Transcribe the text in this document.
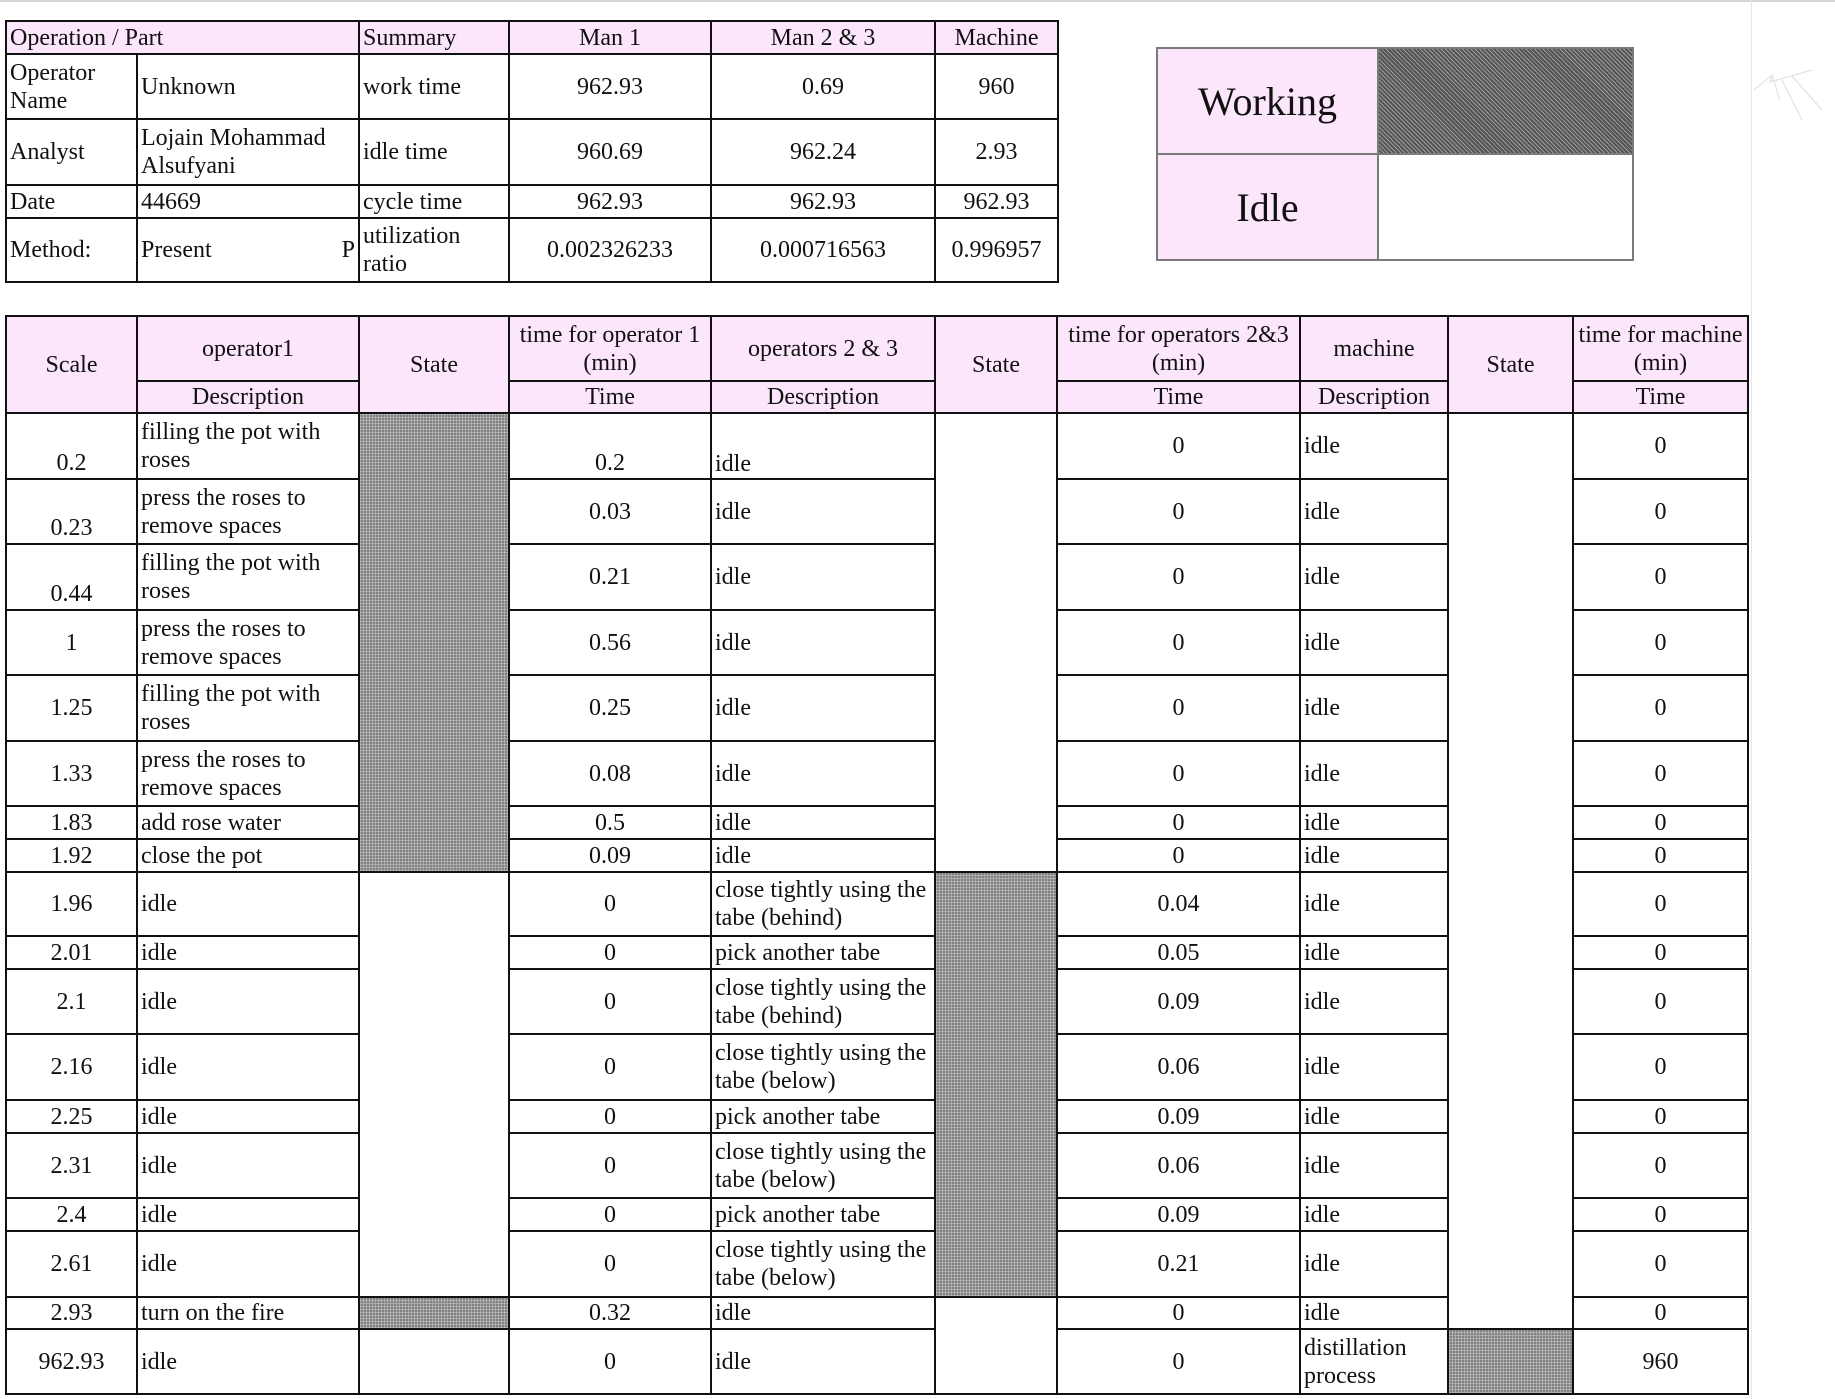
Operation / Part		Summary	Man 1	Man 2 & 3	Machine
Operator Name	Unknown	work time	962.93	0.69	960
Analyst	Lojain Mohammad Alsufyani	idle time	960.69	962.24	2.93
Date	44669	cycle time	962.93	962.93	962.93
Method:	Present P	utilization ratio	0.002326233	0.000716563	0.996957
Working
Idle
Scale	operator1	State	time for operator 1 (min)	operators 2 & 3	State	time for operators 2&3 (min)	machine	State	time for machine (min)
	Description		Time	Description		Time	Description		Time
0.2	filling the pot with roses		0.2	idle		0	idle		0
0.23	press the roses to remove spaces		0.03	idle		0	idle		0
0.44	filling the pot with roses		0.21	idle		0	idle		0
1	press the roses to remove spaces		0.56	idle		0	idle		0
1.25	filling the pot with roses		0.25	idle		0	idle		0
1.33	press the roses to remove spaces		0.08	idle		0	idle		0
1.83	add rose water		0.5	idle		0	idle		0
1.92	close the pot		0.09	idle		0	idle		0
1.96	idle		0	close tightly using the tabe (behind)		0.04	idle		0
2.01	idle		0	pick another tabe		0.05	idle		0
2.1	idle		0	close tightly using the tabe (behind)		0.09	idle		0
2.16	idle		0	close tightly using the tabe (below)		0.06	idle		0
2.25	idle		0	pick another tabe		0.09	idle		0
2.31	idle		0	close tightly using the tabe (below)		0.06	idle		0
2.4	idle		0	pick another tabe		0.09	idle		0
2.61	idle		0	close tightly using the tabe (below)		0.21	idle		0
2.93	turn on the fire		0.32	idle		0	idle		0
962.93	idle		0	idle		0	distillation process		960
